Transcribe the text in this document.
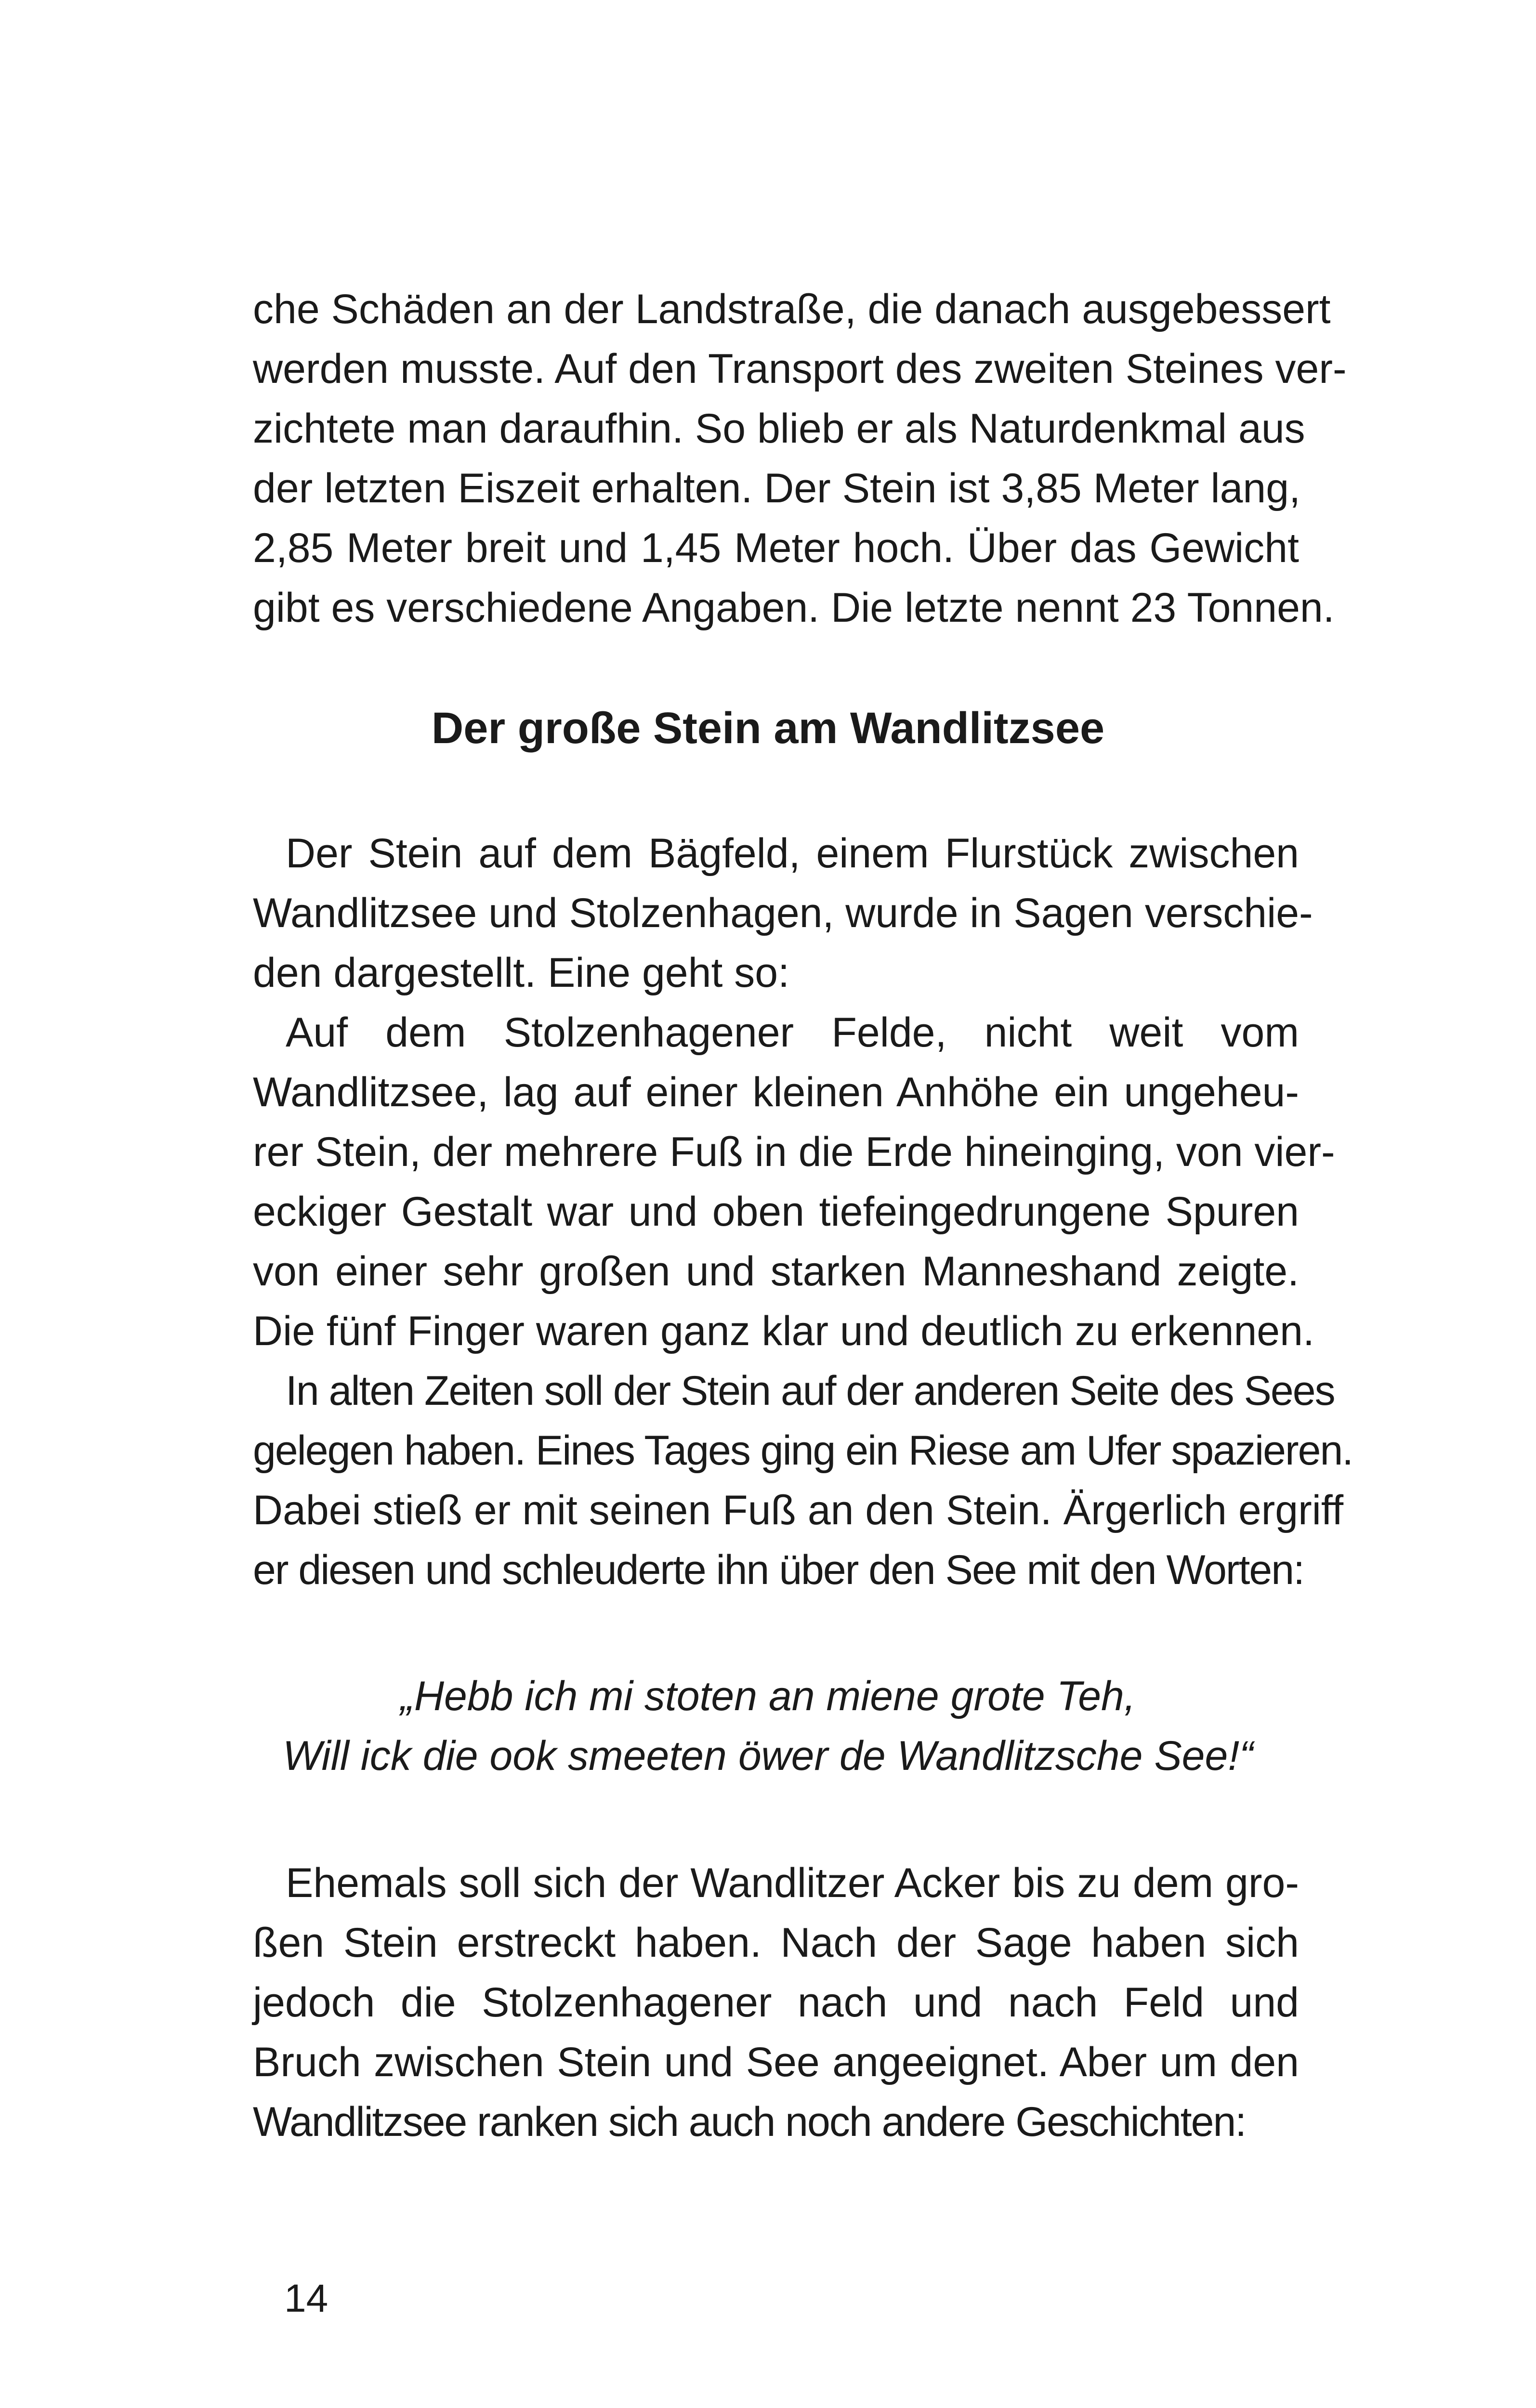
che Schäden an der Landstraße, die danach ausgebessert
werden musste. Auf den Transport des zweiten Steines ver-
zichtete man daraufhin. So blieb er als Naturdenkmal aus
der letzten Eiszeit erhalten. Der Stein ist 3,85 Meter lang,
2,85 Meter breit und 1,45 Meter hoch. Über das Gewicht
gibt es verschiedene Angaben. Die letzte nennt 23 Tonnen.
Der große Stein am Wandlitzsee
Der Stein auf dem Bägfeld, einem Flurstück zwischen
Wandlitzsee und Stolzenhagen, wurde in Sagen verschie-
den dargestellt. Eine geht so:
Auf dem Stolzenhagener Felde, nicht weit vom
Wandlitzsee, lag auf einer kleinen Anhöhe ein ungeheu-
rer Stein, der mehrere Fuß in die Erde hineinging, von vier-
eckiger Gestalt war und oben tiefeingedrungene Spuren
von einer sehr großen und starken Manneshand zeigte.
Die fünf Finger waren ganz klar und deutlich zu erkennen.
In alten Zeiten soll der Stein auf der anderen Seite des Sees
gelegen haben. Eines Tages ging ein Riese am Ufer spazieren.
Dabei stieß er mit seinen Fuß an den Stein. Ärgerlich ergriff
er diesen und schleuderte ihn über den See mit den Worten:
„Hebb ich mi stoten an miene grote Teh,
Will ick die ook smeeten öwer de Wandlitzsche See!“
Ehemals soll sich der Wandlitzer Acker bis zu dem gro-
ßen Stein erstreckt haben. Nach der Sage haben sich
jedoch die Stolzenhagener nach und nach Feld und
Bruch zwischen Stein und See angeeignet. Aber um den
Wandlitzsee ranken sich auch noch andere Geschichten:
14
